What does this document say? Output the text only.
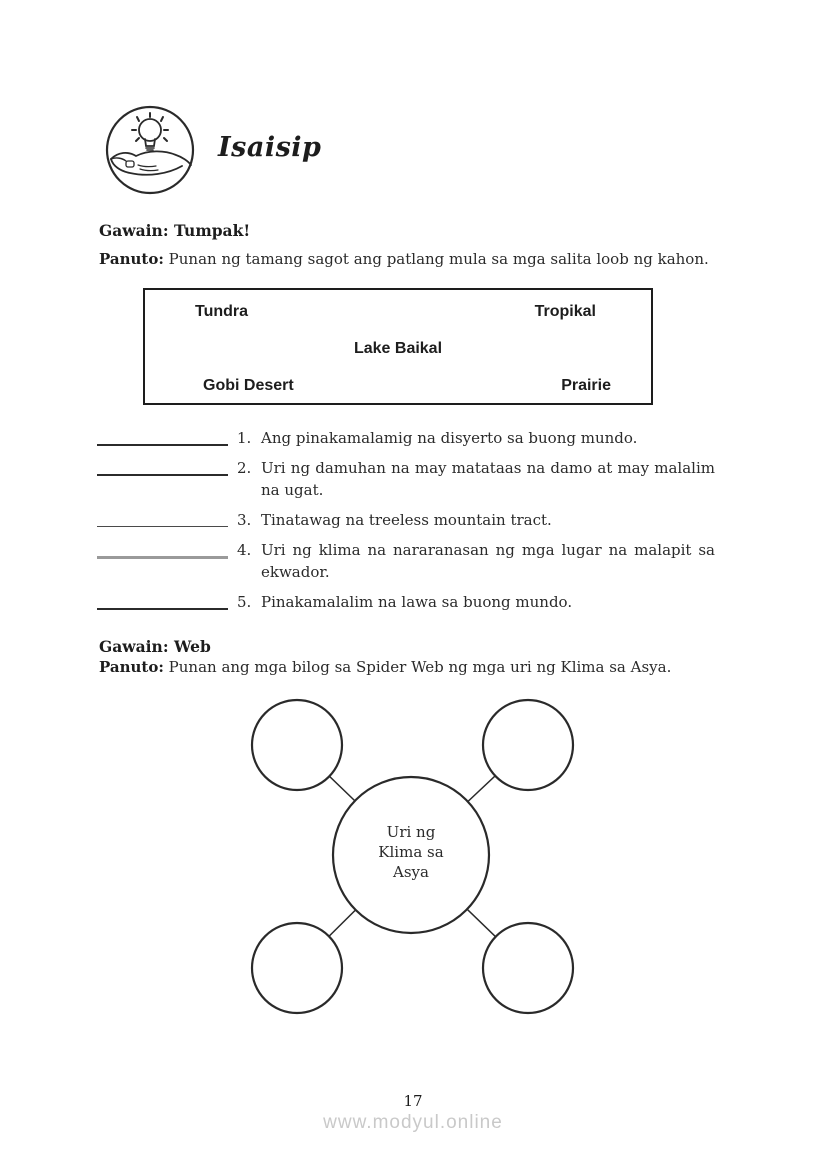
Isaisip
Gawain: Tumpak!
Panuto: Punan ng tamang sagot ang patlang mula sa mga salita loob ng kahon.
Tundra	Tropikal
Lake Baikal
Gobi Desert	Prairie
1. Ang pinakamalamig na disyerto sa buong mundo.
2. Uri ng damuhan na may matataas na damo at may malalim na ugat.
3. Tinatawag na treeless mountain tract.
4. Uri ng klima na nararanasan ng mga lugar na malapit sa ekwador.
5. Pinakamalalim na lawa sa buong mundo.
Gawain: Web
Panuto: Punan ang mga bilog sa Spider Web ng mga uri ng Klima sa Asya.
Uri ng
Klima sa
Asya
17
www.modyul.online
